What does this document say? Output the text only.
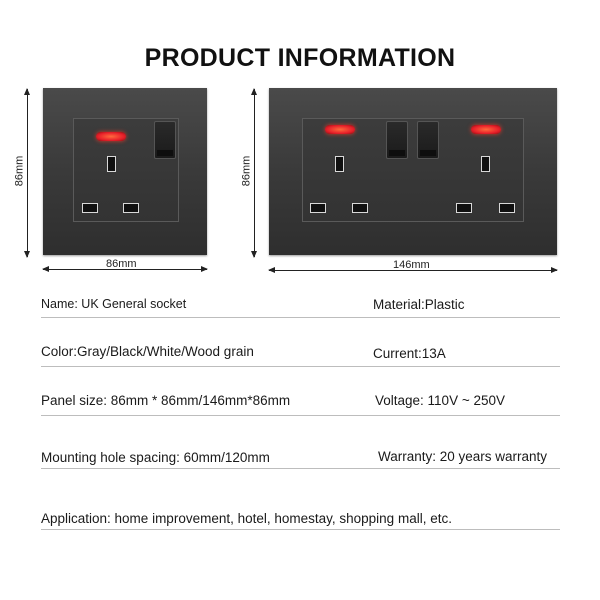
PRODUCT INFORMATION
86mm
86mm
86mm
146mm
Name: UK General socket	Material:Plastic
Color:Gray/Black/White/Wood grain	Current:13A
Panel size: 86mm * 86mm/146mm*86mm	Voltage: 110V ~ 250V
Mounting hole spacing: 60mm/120mm	Warranty: 20 years warranty
Application: home improvement, hotel, homestay, shopping mall, etc.
